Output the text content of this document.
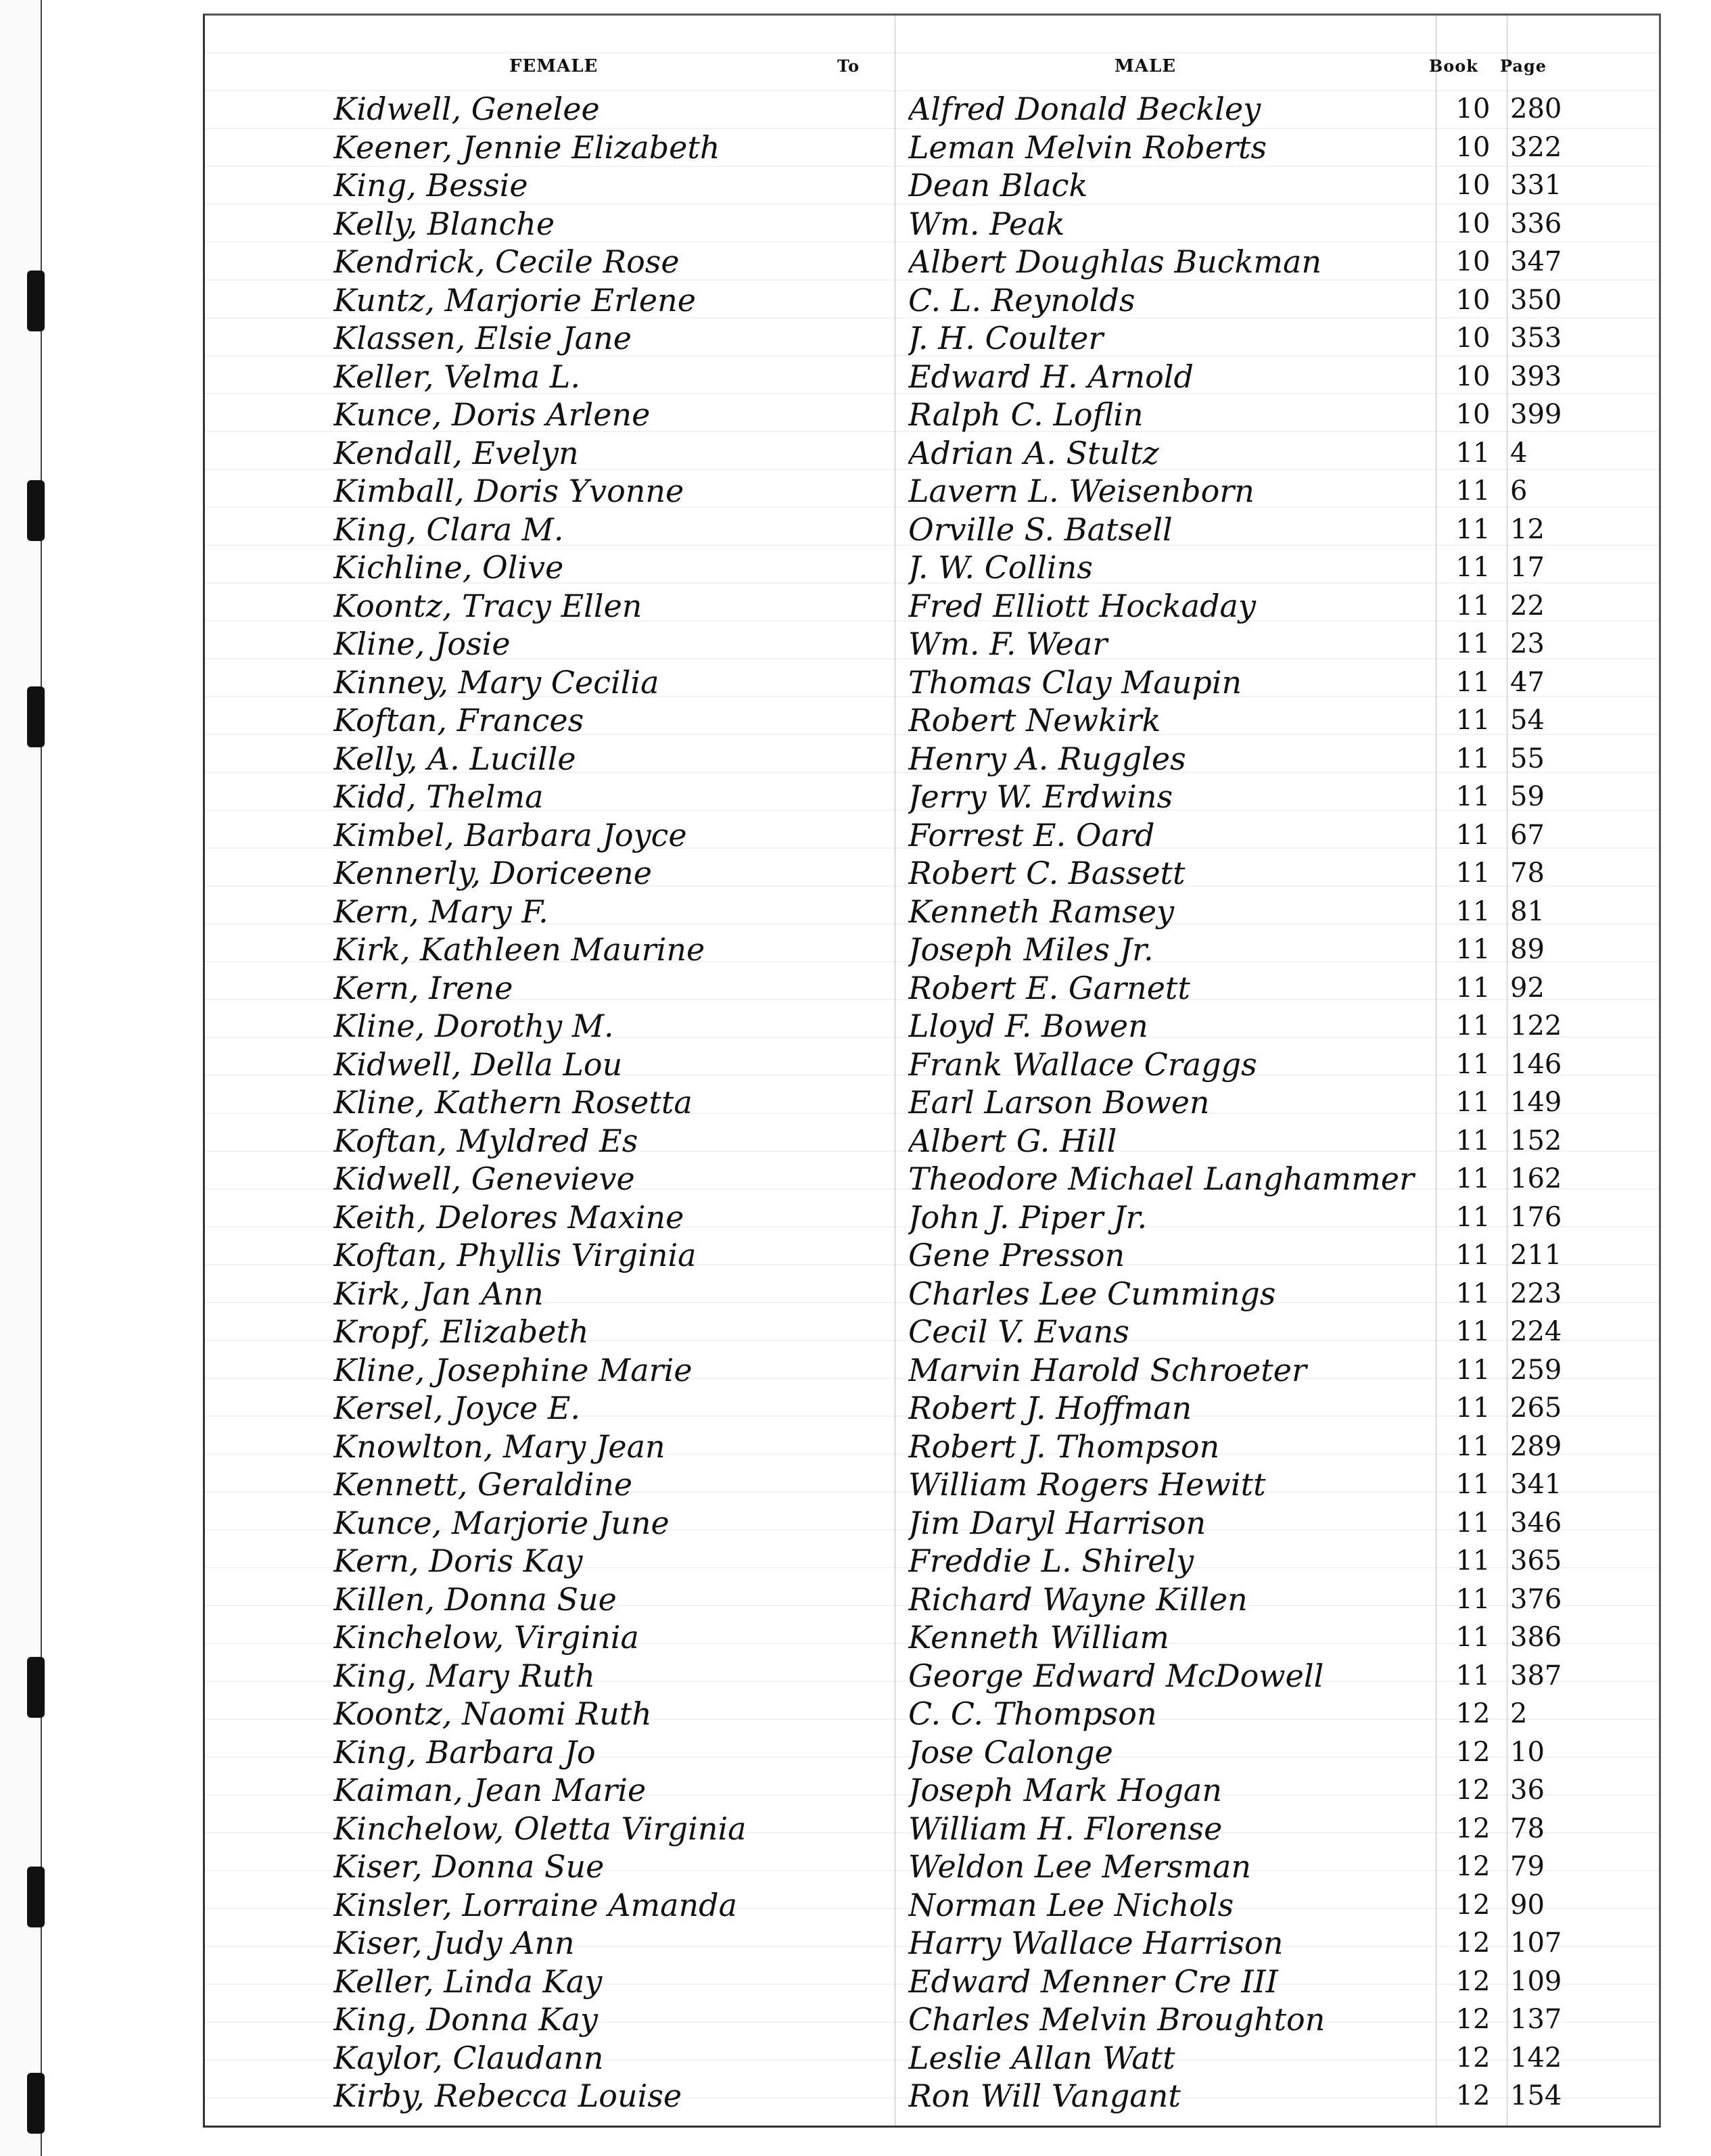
FEMALE	To	MALE	Book Page
Kidwell, Genelee	Alfred Donald Beckley	10 280
Keener, Jennie Elizabeth	Leman Melvin Roberts	10 322
King, Bessie	Dean Black	10 331
Kelly, Blanche	Wm. Peak	10 336
Kendrick, Cecile Rose	Albert Doughlas Buckman	10 347
Kuntz, Marjorie Erlene	C. L. Reynolds	10 350
Klassen, Elsie Jane	J. H. Coulter	10 353
Keller, Velma L.	Edward H. Arnold	10 393
Kunce, Doris Arlene	Ralph C. Loflin	10 399
Kendall, Evelyn	Adrian A. Stultz	11 4
Kimball, Doris Yvonne	Lavern L. Weisenborn	11 6
King, Clara M.	Orville S. Batsell	11 12
Kichline, Olive	J. W. Collins	11 17
Koontz, Tracy Ellen	Fred Elliott Hockaday	11 22
Kline, Josie	Wm. F. Wear	11 23
Kinney, Mary Cecilia	Thomas Clay Maupin	11 47
Koftan, Frances	Robert Newkirk	11 54
Kelly, A. Lucille	Henry A. Ruggles	11 55
Kidd, Thelma	Jerry W. Erdwins	11 59
Kimbel, Barbara Joyce	Forrest E. Oard	11 67
Kennerly, Doriceene	Robert C. Bassett	11 78
Kern, Mary F.	Kenneth Ramsey	11 81
Kirk, Kathleen Maurine	Joseph Miles Jr.	11 89
Kern, Irene	Robert E. Garnett	11 92
Kline, Dorothy M.	Lloyd F. Bowen	11 122
Kidwell, Della Lou	Frank Wallace Craggs	11 146
Kline, Kathern Rosetta	Earl Larson Bowen	11 149
Koftan, Myldred Es	Albert G. Hill	11 152
Kidwell, Genevieve	Theodore Michael Langhammer	11 162
Keith, Delores Maxine	John J. Piper Jr.	11 176
Koftan, Phyllis Virginia	Gene Presson	11 211
Kirk, Jan Ann	Charles Lee Cummings	11 223
Kropf, Elizabeth	Cecil V. Evans	11 224
Kline, Josephine Marie	Marvin Harold Schroeter	11 259
Kersel, Joyce E.	Robert J. Hoffman	11 265
Knowlton, Mary Jean	Robert J. Thompson	11 289
Kennett, Geraldine	William Rogers Hewitt	11 341
Kunce, Marjorie June	Jim Daryl Harrison	11 346
Kern, Doris Kay	Freddie L. Shirely	11 365
Killen, Donna Sue	Richard Wayne Killen	11 376
Kinchelow, Virginia	Kenneth William	11 386
King, Mary Ruth	George Edward McDowell	11 387
Koontz, Naomi Ruth	C. C. Thompson	12 2
King, Barbara Jo	Jose Calonge	12 10
Kaiman, Jean Marie	Joseph Mark Hogan	12 36
Kinchelow, Oletta Virginia	William H. Florense	12 78
Kiser, Donna Sue	Weldon Lee Mersman	12 79
Kinsler, Lorraine Amanda	Norman Lee Nichols	12 90
Kiser, Judy Ann	Harry Wallace Harrison	12 107
Keller, Linda Kay	Edward Menner Cre III	12 109
King, Donna Kay	Charles Melvin Broughton	12 137
Kaylor, Claudann	Leslie Allan Watt	12 142
Kirby, Rebecca Louise	Ron Will Vangant	12 154
